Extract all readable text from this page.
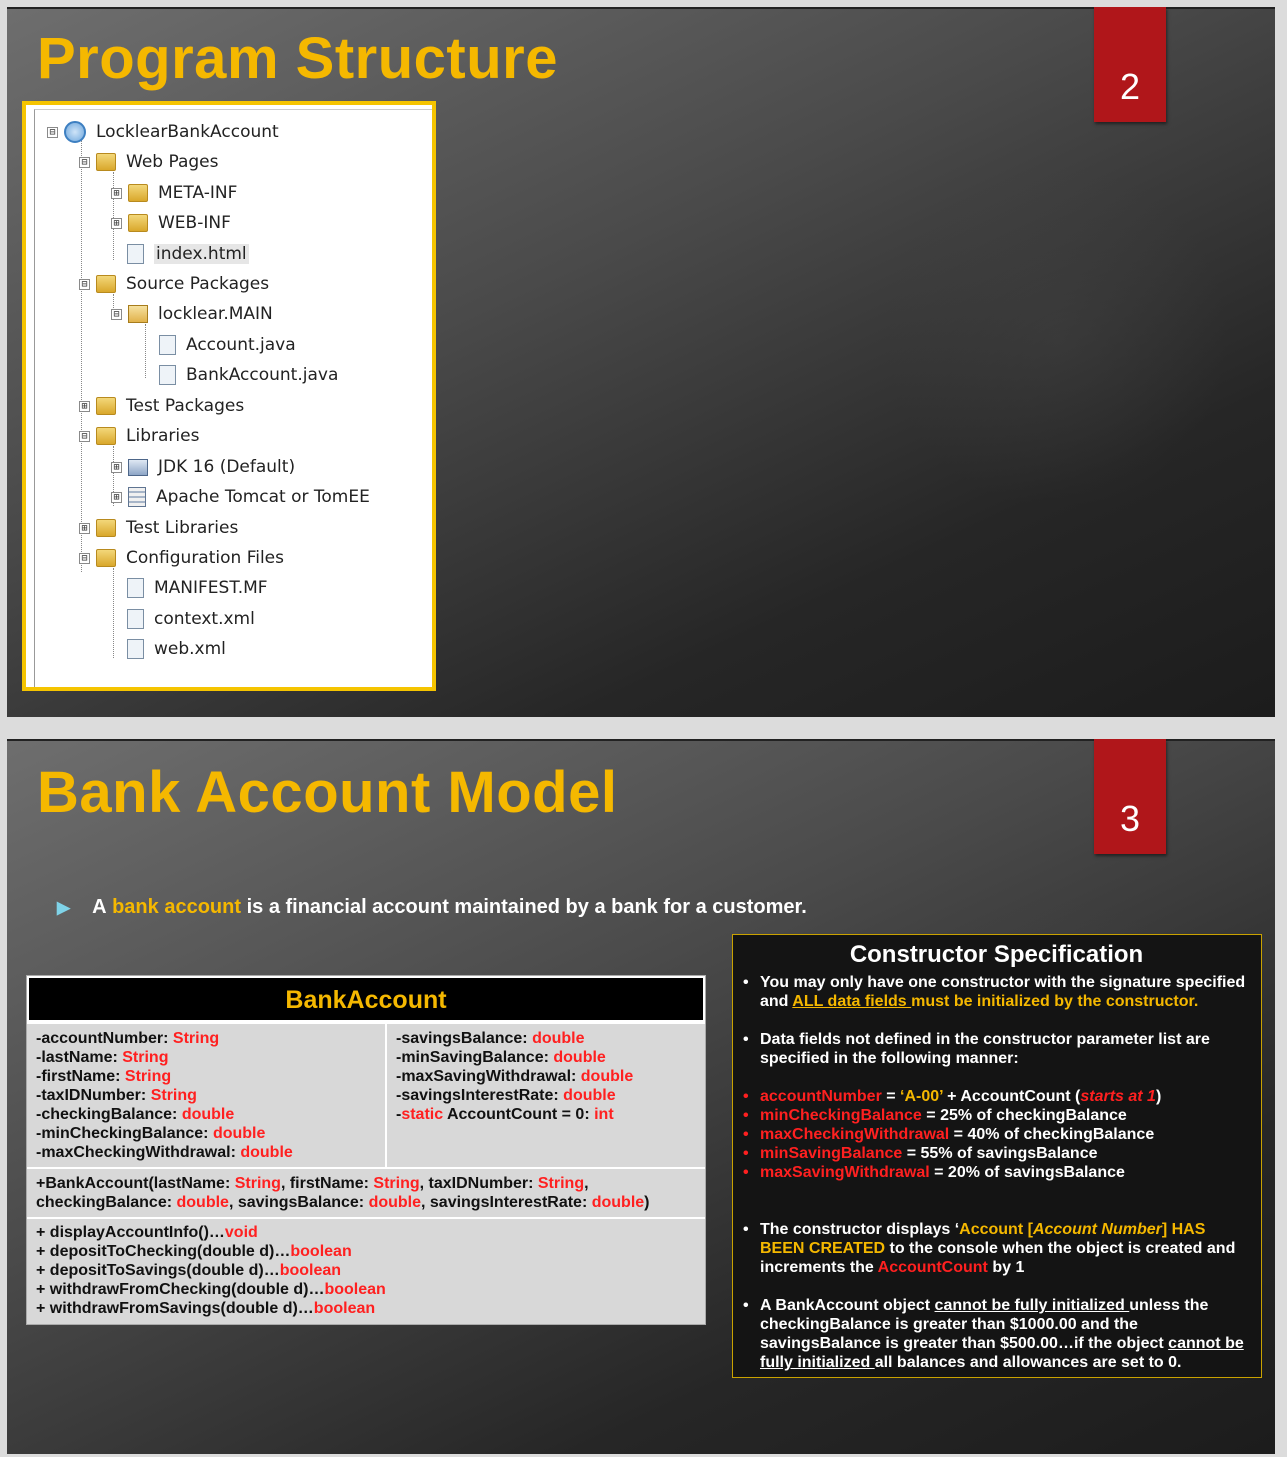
Program Structure	2
⊟ LocklearBankAccount
⊟ Web Pages
⊞ META-INF
⊞ WEB-INF
index.html
⊟ Source Packages
⊟ locklear.MAIN
Account.java
BankAccount.java
⊞ Test Packages
⊟ Libraries
⊞ JDK 16 (Default)
⊞ Apache Tomcat or TomEE
⊞ Test Libraries
⊟ Configuration Files
MANIFEST.MF
context.xml
web.xml
Bank Account Model	3
▶ A
bank account
is a financial account maintained by a bank for a customer.
BankAccount
-accountNumber: String
-lastName: String
-firstName: String
-taxIDNumber: String
-checkingBalance: double
-minCheckingBalance: double
-maxCheckingWithdrawal: double
-savingsBalance: double
-minSavingBalance: double
-maxSavingWithdrawal: double
-savingsInterestRate: double
-static AccountCount = 0: int
+BankAccount(lastName: String, firstName: String, taxIDNumber: String,
checkingBalance: double, savingsBalance: double, savingsInterestRate: double)
+ displayAccountInfo()…void
+ depositToChecking(double d)…boolean
+ depositToSavings(double d)…boolean
+ withdrawFromChecking(double d)…boolean
+ withdrawFromSavings(double d)…boolean
Constructor Specification
• You may only have one constructor with the signature specified and ALL data fields must be initialized by the constructor.
• Data fields not defined in the constructor parameter list are specified in the following manner:
• accountNumber = ‘A-00’ + AccountCount (starts at 1)
• minCheckingBalance = 25% of checkingBalance
• maxCheckingWithdrawal = 40% of checkingBalance
• minSavingBalance = 55% of savingsBalance
• maxSavingWithdrawal = 20% of savingsBalance
• The constructor displays ‘Account [Account Number] HAS BEEN CREATED to the console when the object is created and increments the AccountCount by 1
• A BankAccount object cannot be fully initialized unless the checkingBalance is greater than $1000.00 and the savingsBalance is greater than $500.00…if the object cannot be fully initialized all balances and allowances are set to 0.
